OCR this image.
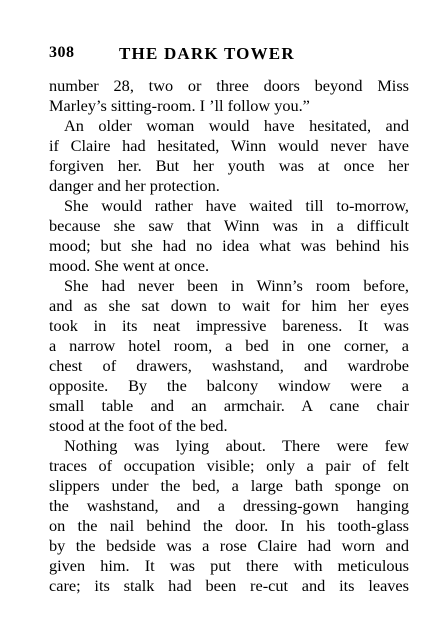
308	THE DARK TOWER
number 28, two or three doors beyond Miss
Marley’s sitting-room. I ’ll follow you.”
An older woman would have hesitated, and
if Claire had hesitated, Winn would never have
forgiven her. But her youth was at once her
danger and her protection.
She would rather have waited till to-morrow,
because she saw that Winn was in a difficult
mood; but she had no idea what was behind his
mood. She went at once.
She had never been in Winn’s room before,
and as she sat down to wait for him her eyes
took in its neat impressive bareness. It was
a narrow hotel room, a bed in one corner, a
chest of drawers, washstand, and wardrobe
opposite. By the balcony window were a
small table and an armchair. A cane chair
stood at the foot of the bed.
Nothing was lying about. There were few
traces of occupation visible; only a pair of felt
slippers under the bed, a large bath sponge on
the washstand, and a dressing-gown hanging
on the nail behind the door. In his tooth-glass
by the bedside was a rose Claire had worn and
given him. It was put there with meticulous
care; its stalk had been re-cut and its leaves
